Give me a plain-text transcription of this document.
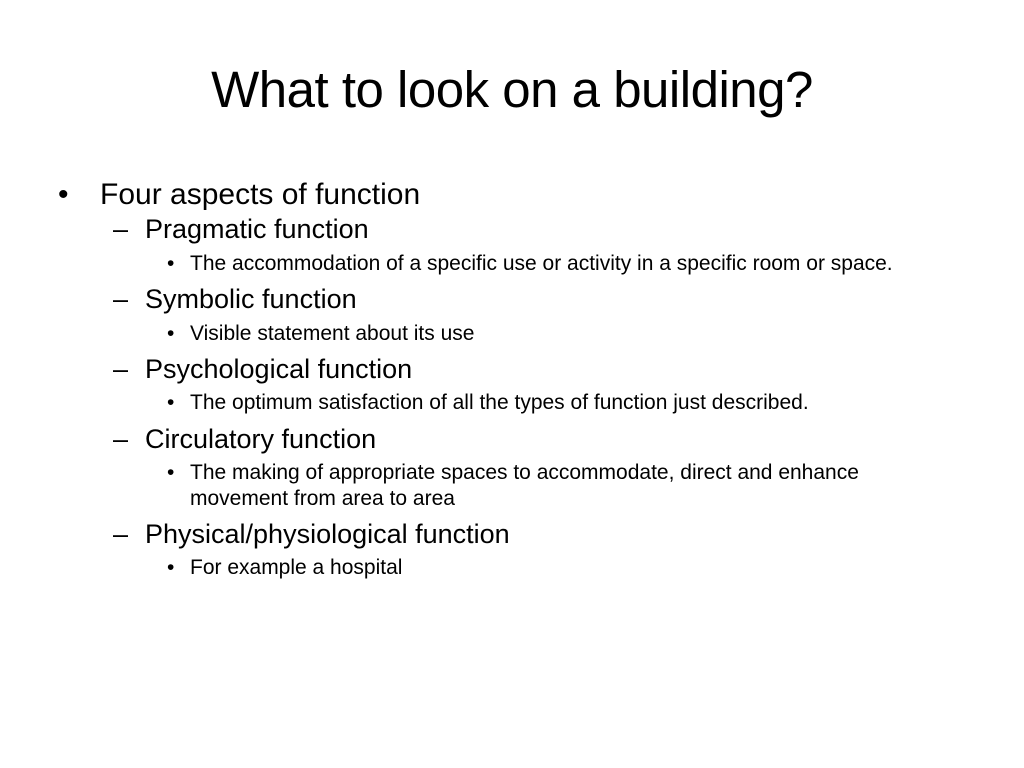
What to look on a building?
• Four aspects of function
– Pragmatic function
• The accommodation of a specific use or activity in a specific room or space.
– Symbolic function
• Visible statement about its use
– Psychological function
• The optimum satisfaction of all the types of function just described.
– Circulatory function
• The making of appropriate spaces to accommodate, direct and enhance movement from area to area
– Physical/physiological function
• For example a hospital
